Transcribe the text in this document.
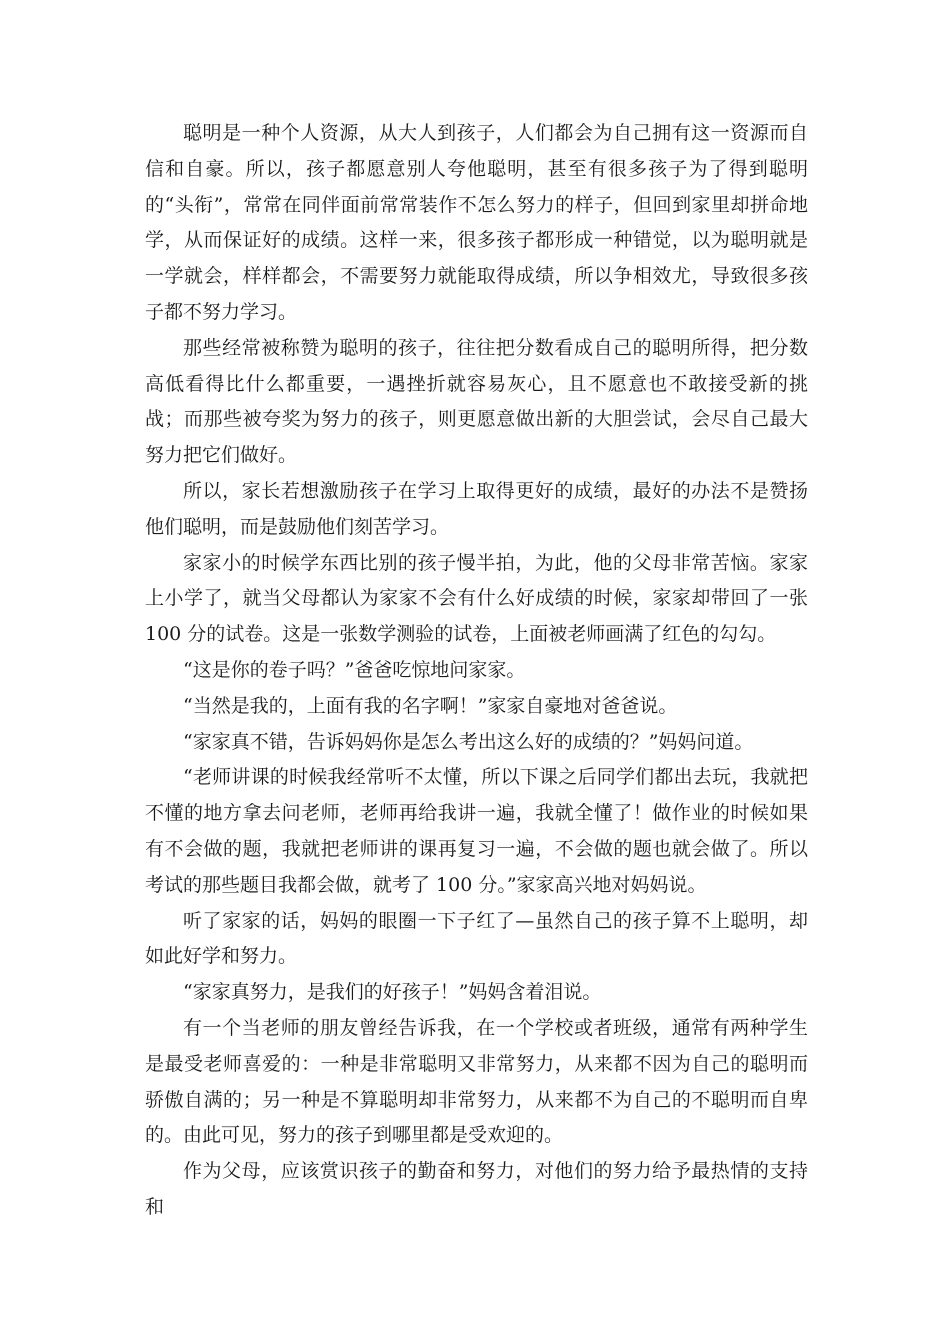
聪明是一种个人资源，从大人到孩子，人们都会为自己拥有这一资源而自信和自豪。所以，孩子都愿意别人夸他聪明，甚至有很多孩子为了得到聪明的“头衔”，常常在同伴面前常常装作不怎么努力的样子，但回到家里却拼命地学，从而保证好的成绩。这样一来，很多孩子都形成一种错觉，以为聪明就是一学就会，样样都会，不需要努力就能取得成绩，所以争相效尤，导致很多孩子都不努力学习。

那些经常被称赞为聪明的孩子，往往把分数看成自己的聪明所得，把分数高低看得比什么都重要，一遇挫折就容易灰心，且不愿意也不敢接受新的挑战；而那些被夸奖为努力的孩子，则更愿意做出新的大胆尝试，会尽自己最大努力把它们做好。

所以，家长若想激励孩子在学习上取得更好的成绩，最好的办法不是赞扬他们聪明，而是鼓励他们刻苦学习。

家家小的时候学东西比别的孩子慢半拍，为此，他的父母非常苦恼。家家上小学了，就当父母都认为家家不会有什么好成绩的时候，家家却带回了一张 100 分的试卷。这是一张数学测验的试卷，上面被老师画满了红色的勾勾。

“这是你的卷子吗？”爸爸吃惊地问家家。

“当然是我的，上面有我的名字啊！”家家自豪地对爸爸说。

“家家真不错，告诉妈妈你是怎么考出这么好的成绩的？”妈妈问道。

“老师讲课的时候我经常听不太懂，所以下课之后同学们都出去玩，我就把不懂的地方拿去问老师，老师再给我讲一遍，我就全懂了！做作业的时候如果有不会做的题，我就把老师讲的课再复习一遍，不会做的题也就会做了。所以考试的那些题目我都会做，就考了 100 分。”家家高兴地对妈妈说。

听了家家的话，妈妈的眼圈一下子红了—虽然自己的孩子算不上聪明，却如此好学和努力。

“家家真努力，是我们的好孩子！”妈妈含着泪说。

有一个当老师的朋友曾经告诉我，在一个学校或者班级，通常有两种学生是最受老师喜爱的：一种是非常聪明又非常努力，从来都不因为自己的聪明而骄傲自满的；另一种是不算聪明却非常努力，从来都不为自己的不聪明而自卑的。由此可见，努力的孩子到哪里都是受欢迎的。

作为父母，应该赏识孩子的勤奋和努力，对他们的努力给予最热情的支持和
